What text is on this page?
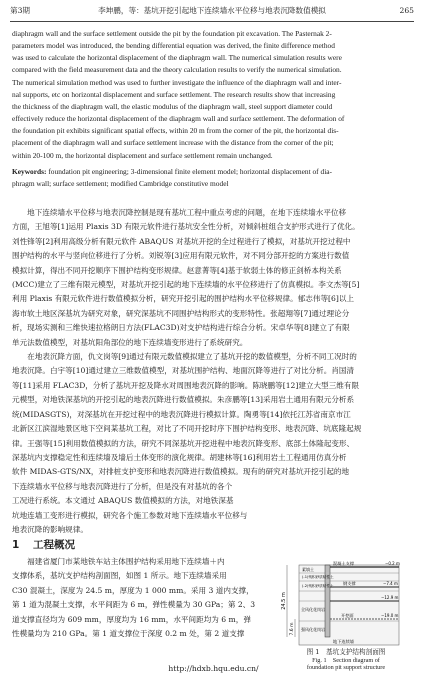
第3期	李坤鹏，等：基坑开挖引起地下连续墙水平位移与地表沉降数值模拟	265

diaphragm wall and the surface settlement outside the pit by the foundation pit excavation. The Pasternak 2-

parameters model was introduced, the bending differential equation was derived, the finite difference method

was used to calculate the horizontal displacement of the diaphragm wall. The numerical simulation results were

compared with the field measurement data and the theory calculation results to verify the numerical simulation.

The numerical simulation method was used to further investigate the influence of the diaphragm wall and inter-

nal supports, etc on horizontal displacement and surface settlement. The research results show that increasing

the thickness of the diaphragm wall, the elastic modulus of the diaphragm wall, steel support diameter could

effectively reduce the horizontal displacement of the diaphragm wall and surface settlement. The deformation of

the foundation pit exhibits significant spatial effects, within 20 m from the corner of the pit, the horizontal dis-

placement of the diaphragm wall and surface settlement increase with the distance from the corner of the pit;

within 20-100 m, the horizontal displacement and surface settlement remain unchanged.

Keywords: foundation pit engineering; 3-dimensional finite element model; horizontal displacement of dia-
phragm wall; surface settlement; modified Cambridge constitutive model
　　地下连续墙水平位移与地表沉降控制是现有基坑工程中重点考虑的问题，在地下连续墙水平位移
方面，王旭等[1]运用 Plaxis 3D 有限元软件进行基坑安全性分析，对倾斜桩组合支护形式进行了优化。
刘性锋等[2]利用高级分析有限元软件 ABAQUS 对基坑开挖的全过程进行了模拟，对基坑开挖过程中
围护结构的水平与竖向位移进行了分析。刘锐等[3]应用有限元软件，对不同分部开挖的方案进行数值
模拟计算，得出不同开挖顺序下围护结构变形规律。赵意菁等[4]基于软弱土体的修正剑桥本构关系
(MCC)建立了三维有限元模型，对基坑开挖引起的地下连续墙的水平位移进行了仿真模拟。李文杰等[5]
利用 Plaxis 有限元软件进行数值模拟分析，研究开挖引起的围护结构水平位移规律。郁志伟等[6]以上
海市软土地区深基坑为研究对象，研究深基坑不同围护结构形式的变形特性。张超翔等[7]通过理论分
析，现场实测和三维快速拉格朗日方法(FLAC3D)对支护结构进行综合分析。宋卓华等[8]建立了有限
单元法数值模型，对基坑阳角部位的地下连续墙变形进行了系统研究。
　　在地表沉降方面，仇文岗等[9]通过有限元数值模拟建立了基坑开挖的数值模型，分析不同工况时的
地表沉降。白宇等[10]通过建立三维数值模型，对基坑围护结构、地面沉降等进行了对比分析。肖国清
等[11]采用 FLAC3D，分析了基坑开挖及降水对周围地表沉降的影响。陈晓鹏等[12]建立大型三维有限
元模型，对地铁深基坑的开挖引起的地表沉降进行数值模拟。朱彦鹏等[13]采用岩土通用有限元分析系
统(MIDASGTS)，对深基坑在开挖过程中的地表沉降进行模拟计算。陶勇等[14]依托江苏省南京市江
北新区江滨湿地景区地下空间某基坑工程，对比了不同开挖时序下围护结构变形、地表沉降、坑底隆起规
律。王强等[15]利用数值模拟的方法，研究不同深基坑开挖进程中地表沉降变形、底部土体隆起变形、
深基坑内支撑稳定性和连续墙及墙后土体变形的演化规律。胡建林等[16]利用岩土工程通用仿真分析
软件 MIDAS-GTS/NX，对排桩支护变形和地表沉降进行数值模拟。现有的研究对基坑开挖引起的地
下连续墙水平位移与地表沉降进行了分析，但是没有对基坑的各个
工况进行系统。本文通过 ABAQUS 数值模拟的方法，对地铁深基
坑地连墙工变形进行模拟，研究各个施工参数对地下连续墙水平位移与
地表沉降的影响规律。
1 工程概况
　　福建省厦门市某地铁车站主体围护结构采用地下连续墙＋内
支撑体系，基坑支护结构剖面图，如图 1 所示。地下连续墙采用
C30 混凝土，深度为 24.5 m，厚度为 1 000 mm。采用 3 道内支撑，
第 1 道为混凝土支撑，水平间距为 6 m，弹性模量为 30 GPa；第 2、3
道支撑直径均为 609 mm，厚度均为 16 mm，水平间距均为 6 m，弹
性模量均为 210 GPa。第 1 道支撑位于深度 0.2 m 处，第 2 道支撑
24.5 m
7.6 m
素填土
(-1)残积砂质粘性土
(-2)残积砂质粘性土
全风化花岗岩
强风化花岗岩
混凝土支撑	−0.2 m
钢支撑	−7.4 m
−12.9 m
开挖面	−19.0 m
地下连续墙
图 1　基坑支护结构剖面图
Fig. 1　Section diagram of
foundation pit support structure
http://hdxb.hqu.edu.cn/
